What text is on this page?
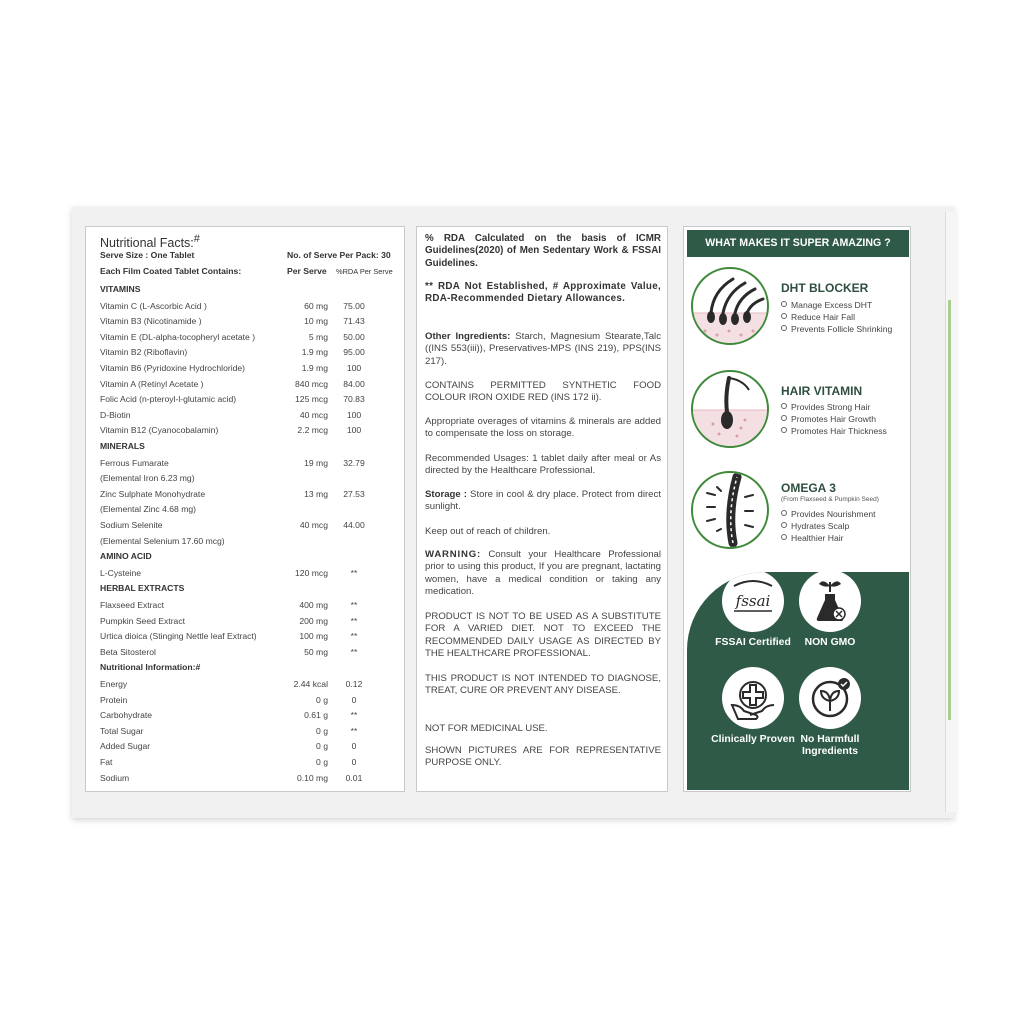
Nutritional Facts:#
Serve Size : One Tablet	No. of Serve Per Pack: 30
Each Film Coated Tablet Contains:	Per Serve %RDA Per Serve
VITAMINS
Vitamin C (L-Ascorbic Acid )	60 mg	75.00
Vitamin B3 (Nicotinamide )	10 mg	71.43
Vitamin E (DL-alpha-tocopheryl acetate )	5 mg	50.00
Vitamin B2 (Riboflavin)	1.9 mg	95.00
Vitamin B6 (Pyridoxine Hydrochloride)	1.9 mg	100
Vitamin A (Retinyl Acetate )	840 mcg	84.00
Folic Acid (n-pteroyl-l-glutamic acid)	125 mcg	70.83
D-Biotin	40 mcg	100
Vitamin B12 (Cyanocobalamin)	2.2 mcg	100
MINERALS
Ferrous Fumarate	19 mg	32.79
(Elemental Iron 6.23 mg)
Zinc Sulphate Monohydrate	13 mg	27.53
(Elemental Zinc 4.68 mg)
Sodium Selenite	40 mcg	44.00
(Elemental Selenium 17.60 mcg)
AMINO ACID
L-Cysteine	120 mcg	**
HERBAL EXTRACTS
Flaxseed Extract	400 mg	**
Pumpkin Seed Extract	200 mg	**
Urtica dioica (Stinging Nettle leaf Extract)	100 mg	**
Beta Sitosterol	50 mg	**
Nutritional Information:#
Energy	2.44 kcal	0.12
Protein	0 g	0
Carbohydrate	0.61 g	**
Total Sugar	0 g	**
Added Sugar	0 g	0
Fat	0 g	0
Sodium	0.10 mg	0.01

% RDA Calculated on the basis of ICMR Guidelines(2020) of Men Sedentary Work & FSSAI Guidelines.

** RDA Not Established, # Approximate Value, RDA-Recommended Dietary Allowances.

Other Ingredients: Starch, Magnesium Stearate,Talc ((INS 553(iii)), Preservatives-MPS (INS 219), PPS(INS 217).

CONTAINS PERMITTED SYNTHETIC FOOD COLOUR IRON OXIDE RED (INS 172 ii).

Appropriate overages of vitamins & minerals are added to compensate the loss on storage.

Recommended Usages: 1 tablet daily after meal or As directed by the Healthcare Professional.

Storage : Store in cool & dry place. Protect from direct sunlight.

Keep out of reach of children.

WARNING: Consult your Healthcare Professional prior to using this product, If you are pregnant, lactating women, have a medical condition or taking any medication.

PRODUCT IS NOT TO BE USED AS A SUBSTITUTE FOR A VARIED DIET. NOT TO EXCEED THE RECOMMENDED DAILY USAGE AS DIRECTED BY THE HEALTHCARE PROFESSIONAL.

THIS PRODUCT IS NOT INTENDED TO DIAGNOSE, TREAT, CURE OR PREVENT ANY DISEASE.

NOT FOR MEDICINAL USE.

SHOWN PICTURES ARE FOR REPRESENTATIVE PURPOSE ONLY.

WHAT MAKES IT SUPER AMAZING ?
DHT BLOCKER
Manage Excess DHT
Reduce Hair Fall
Prevents Follicle Shrinking
HAIR VITAMIN
Provides Strong Hair
Promotes Hair Growth
Promotes Hair Thickness
OMEGA 3
(From Flaxseed & Pumpkin Seed)
Provides Nourishment
Hydrates Scalp
Healthier Hair
fssai
FSSAI Certified	NON GMO
Clinically Proven No Harmfull Ingredients
